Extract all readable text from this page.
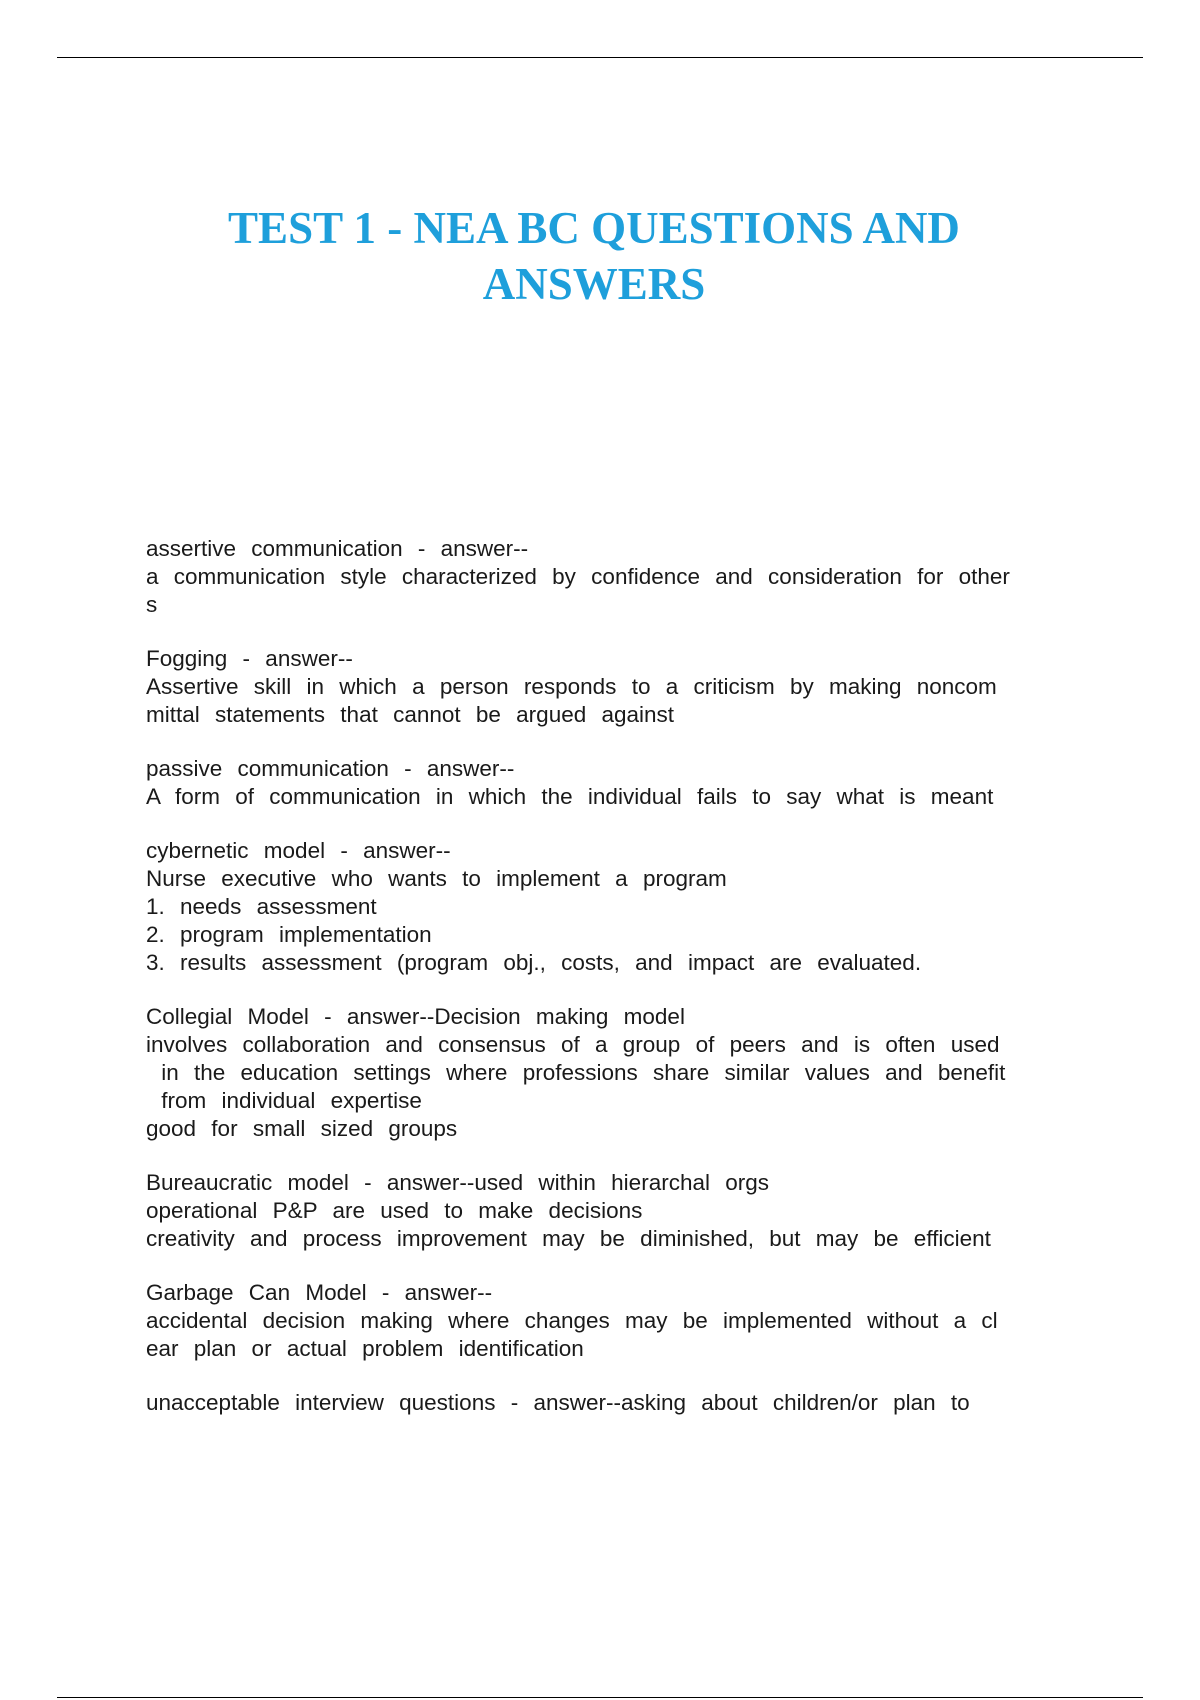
TEST 1 - NEA BC QUESTIONS AND
ANSWERS
assertive communication - answer--
a communication style characterized by confidence and consideration for other
s
Fogging - answer--
Assertive skill in which a person responds to a criticism by making noncom
mittal statements that cannot be argued against
passive communication - answer--
A form of communication in which the individual fails to say what is meant
cybernetic model - answer--
Nurse executive who wants to implement a program
1. needs assessment
2. program implementation
3. results assessment (program obj., costs, and impact are evaluated.
Collegial Model - answer--Decision making model
involves collaboration and consensus of a group of peers and is often used
in the education settings where professions share similar values and benefit
from individual expertise
good for small sized groups
Bureaucratic model - answer--used within hierarchal orgs
operational P&P are used to make decisions
creativity and process improvement may be diminished, but may be efficient
Garbage Can Model - answer--
accidental decision making where changes may be implemented without a cl
ear plan or actual problem identification
unacceptable interview questions - answer--asking about children/or plan to
